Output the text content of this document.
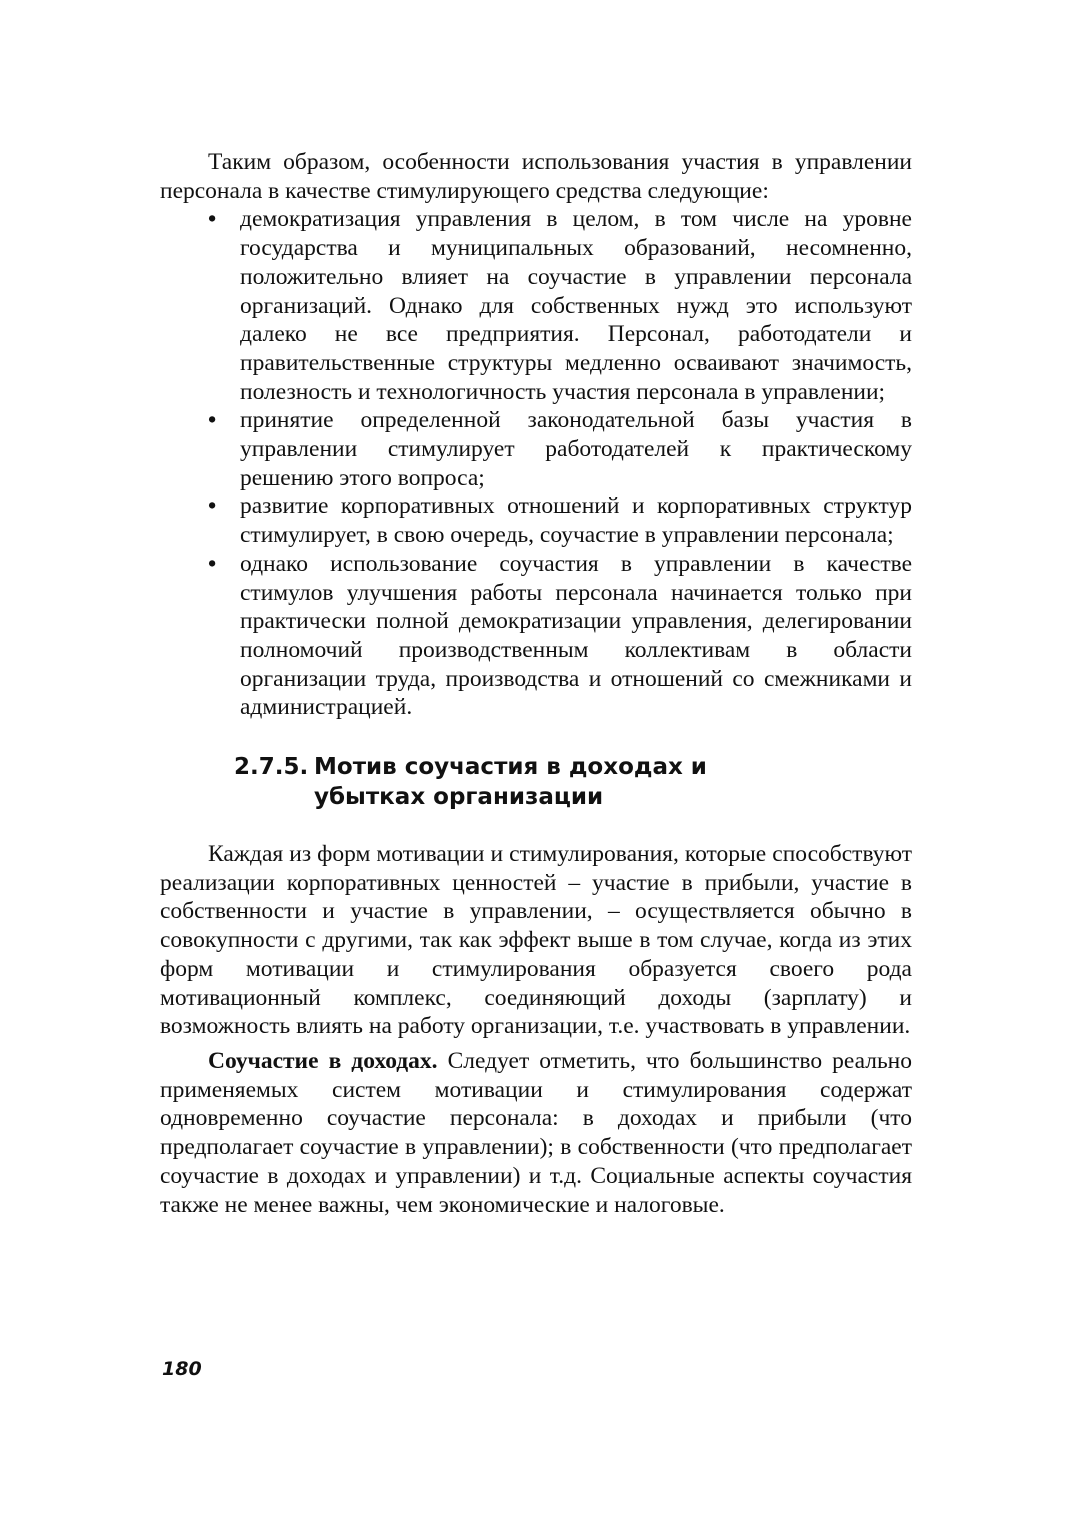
Таким образом, особенности использования участия в управлении персонала в качестве стимулирующего средства следующие:

• демократизация управления в целом, в том числе на уровне государства и муниципальных образований, несомненно, положительно влияет на соучастие в управлении персонала организаций. Однако для собственных нужд это используют далеко не все предприятия. Персонал, работодатели и правительственные структуры медленно осваивают значимость, полезность и технологичность участия персонала в управлении;
• принятие определенной законодательной базы участия в управлении стимулирует работодателей к практическому решению этого вопроса;
• развитие корпоративных отношений и корпоративных структур стимулирует, в свою очередь, соучастие в управлении персонала;
• однако использование соучастия в управлении в качестве стимулов улучшения работы персонала начинается только при практически полной демократизации управления, делегировании полномочий производственным коллективам в области организации труда, производства и отношений со смежниками и администрацией.
2.7.5. Мотив соучастия в доходах и убытках организации

Каждая из форм мотивации и стимулирования, которые способствуют реализации корпоративных ценностей – участие в прибыли, участие в собственности и участие в управлении, – осуществляется обычно в совокупности с другими, так как эффект выше в том случае, когда из этих форм мотивации и стимулирования образуется своего рода мотивационный комплекс, соединяющий доходы (зарплату) и возможность влиять на работу организации, т.е. участвовать в управлении.

Соучастие в доходах. Следует отметить, что большинство реально применяемых систем мотивации и стимулирования содержат одновременно соучастие персонала: в доходах и прибыли (что предполагает соучастие в управлении); в собственности (что предполагает соучастие в доходах и управлении) и т.д. Социальные аспекты соучастия также не менее важны, чем экономические и налоговые.

180
